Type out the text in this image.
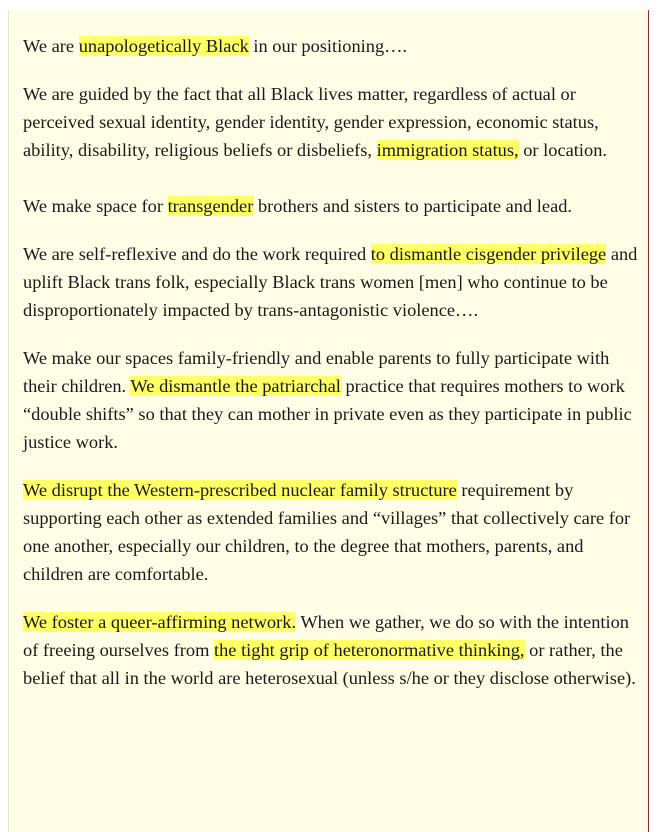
We are unapologetically Black in our positioning….

We are guided by the fact that all Black lives matter, regardless of actual or perceived sexual identity, gender identity, gender expression, economic status, ability, disability, religious beliefs or disbeliefs, immigration status, or location.

We make space for transgender brothers and sisters to participate and lead.

We are self-reflexive and do the work required to dismantle cisgender privilege and uplift Black trans folk, especially Black trans women [men] who continue to be disproportionately impacted by trans-antagonistic violence….

We make our spaces family-friendly and enable parents to fully participate with their children. We dismantle the patriarchal practice that requires mothers to work “double shifts” so that they can mother in private even as they participate in public justice work.

We disrupt the Western-prescribed nuclear family structure requirement by supporting each other as extended families and “villages” that collectively care for one another, especially our children, to the degree that mothers, parents, and children are comfortable.

We foster a queer-affirming network. When we gather, we do so with the intention of freeing ourselves from the tight grip of heteronormative thinking, or rather, the belief that all in the world are heterosexual (unless s/he or they disclose otherwise).
